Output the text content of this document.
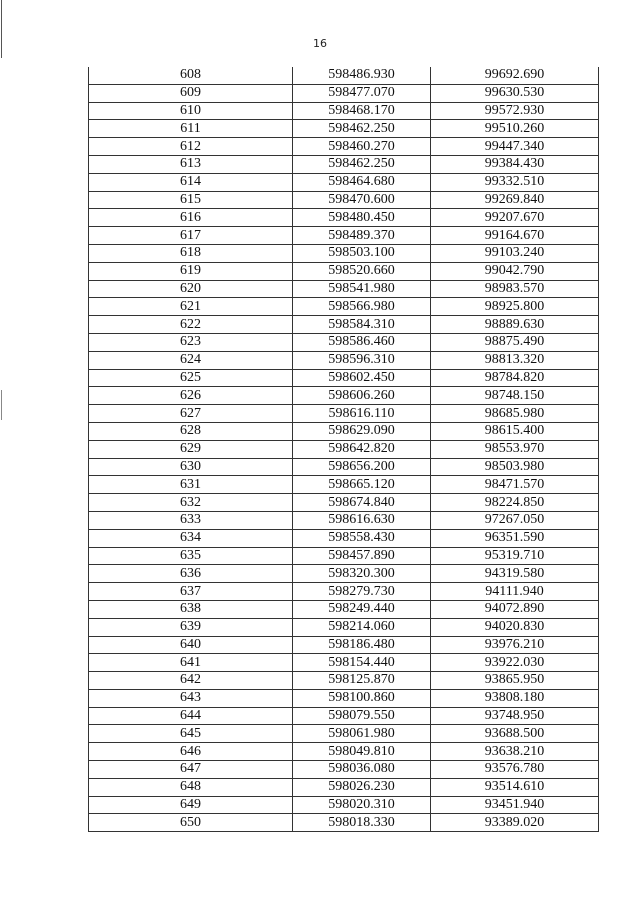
16
608	598486.930	99692.690
609	598477.070	99630.530
610	598468.170	99572.930
611	598462.250	99510.260
612	598460.270	99447.340
613	598462.250	99384.430
614	598464.680	99332.510
615	598470.600	99269.840
616	598480.450	99207.670
617	598489.370	99164.670
618	598503.100	99103.240
619	598520.660	99042.790
620	598541.980	98983.570
621	598566.980	98925.800
622	598584.310	98889.630
623	598586.460	98875.490
624	598596.310	98813.320
625	598602.450	98784.820
626	598606.260	98748.150
627	598616.110	98685.980
628	598629.090	98615.400
629	598642.820	98553.970
630	598656.200	98503.980
631	598665.120	98471.570
632	598674.840	98224.850
633	598616.630	97267.050
634	598558.430	96351.590
635	598457.890	95319.710
636	598320.300	94319.580
637	598279.730	94111.940
638	598249.440	94072.890
639	598214.060	94020.830
640	598186.480	93976.210
641	598154.440	93922.030
642	598125.870	93865.950
643	598100.860	93808.180
644	598079.550	93748.950
645	598061.980	93688.500
646	598049.810	93638.210
647	598036.080	93576.780
648	598026.230	93514.610
649	598020.310	93451.940
650	598018.330	93389.020
